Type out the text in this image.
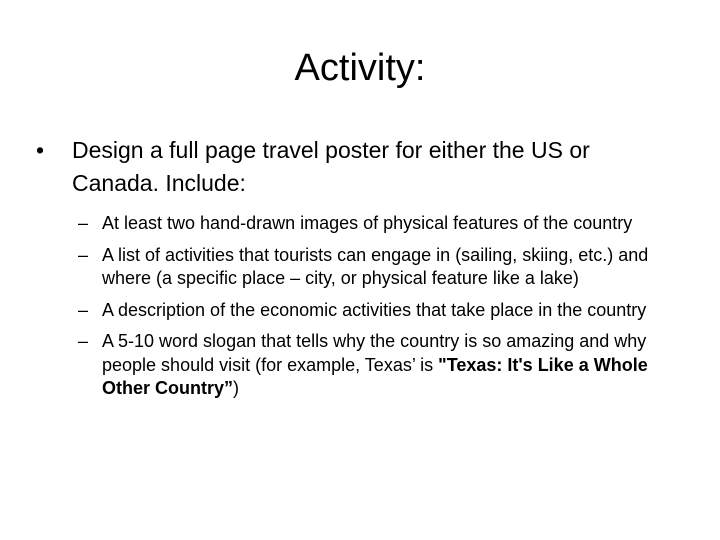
Activity:
• Design a full page travel poster for either the US or Canada. Include:
– At least two hand-drawn images of physical features of the country
– A list of activities that tourists can engage in (sailing, skiing, etc.) and where (a specific place – city, or physical feature like a lake)
– A description of the economic activities that take place in the country
– A 5-10 word slogan that tells why the country is so amazing and why people should visit (for example, Texas’ is "Texas: It's Like a Whole Other Country”)
